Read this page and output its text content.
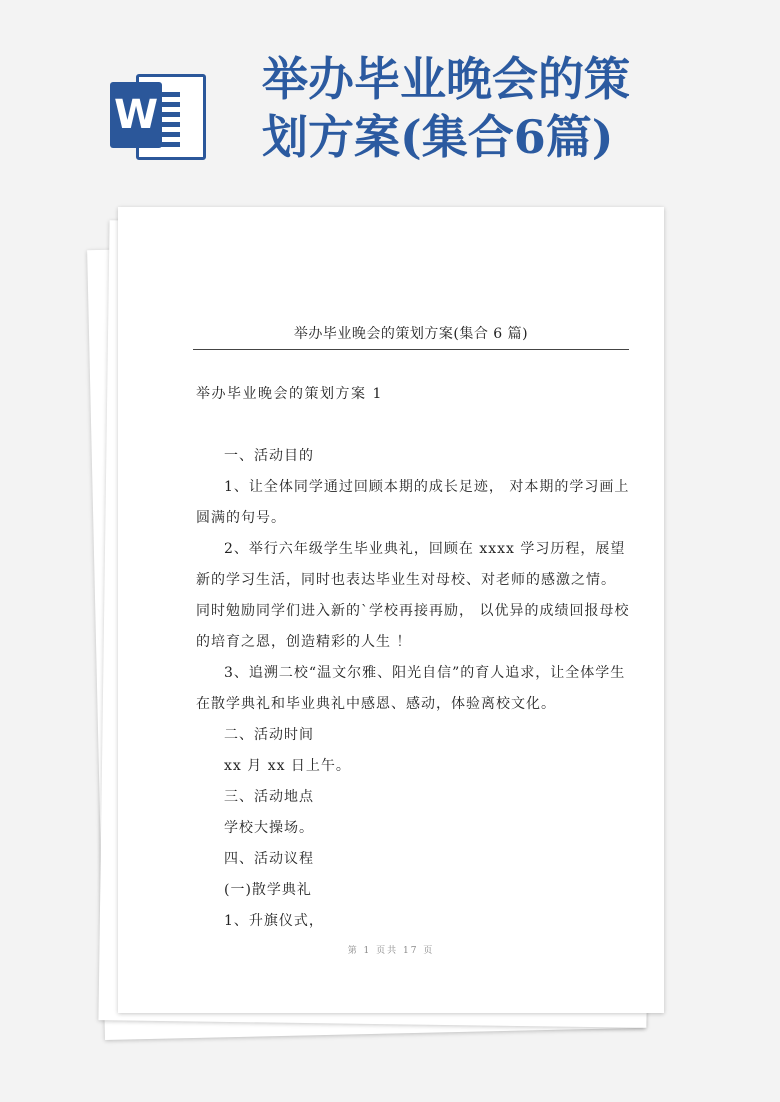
W
举办毕业晚会的策
划方案(集合6篇)
举办毕业晚会的策划方案(集合 6 篇)

举办毕业晚会的策划方案 1

一、活动目的

1、让全体同学通过回顾本期的成长足迹， 对本期的学习画上圆满的句号。

2、举行六年级学生毕业典礼，回顾在 xxxx 学习历程，展望新的学习生活，同时也表达毕业生对母校、对老师的感激之情。同时勉励同学们进入新的`学校再接再励， 以优异的成绩回报母校的培育之恩，创造精彩的人生 ！

3、追溯二校“温文尔雅、阳光自信”的育人追求，让全体学生在散学典礼和毕业典礼中感恩、感动，体验离校文化。

二、活动时间

xx 月 xx 日上午。

三、活动地点

学校大操场。

四、活动议程

(一)散学典礼

1、升旗仪式，

第 1 页共 17 页
